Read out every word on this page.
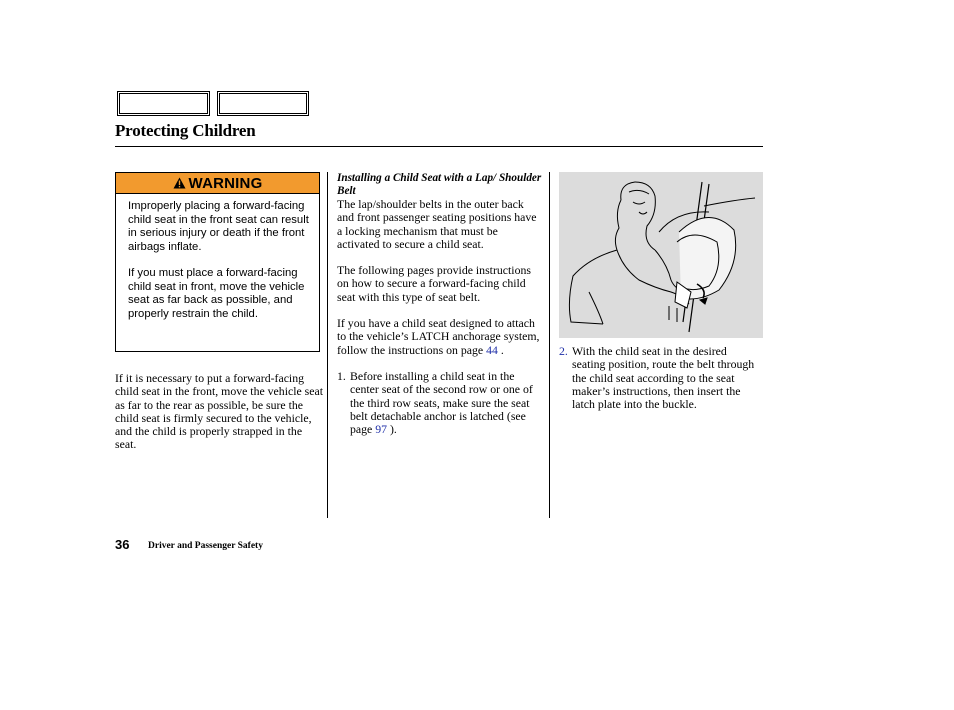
Protecting Children
WARNING

Improperly placing a forward-facing child seat in the front seat can result in serious injury or death if the front airbags inflate.

If you must place a forward-facing child seat in front, move the vehicle seat as far back as possible, and properly restrain the child.

If it is necessary to put a forward-facing child seat in the front, move the vehicle seat as far to the rear as possible, be sure the child seat is firmly secured to the vehicle, and the child is properly strapped in the seat.

Installing a Child Seat with a Lap/ Shoulder Belt

The lap/shoulder belts in the outer back and front passenger seating positions have a locking mechanism that must be activated to secure a child seat.

The following pages provide instructions on how to secure a forward-facing child seat with this type of seat belt.

If you have a child seat designed to attach to the vehicle’s LATCH anchorage system, follow the instructions on page 44 .

1. Before installing a child seat in the center seat of the second row or one of the third row seats, make sure the seat belt detachable anchor is latched (see page 97 ).
2. With the child seat in the desired seating position, route the belt through the child seat according to the seat maker’s instructions, then insert the latch plate into the buckle.
36 Driver and Passenger Safety
